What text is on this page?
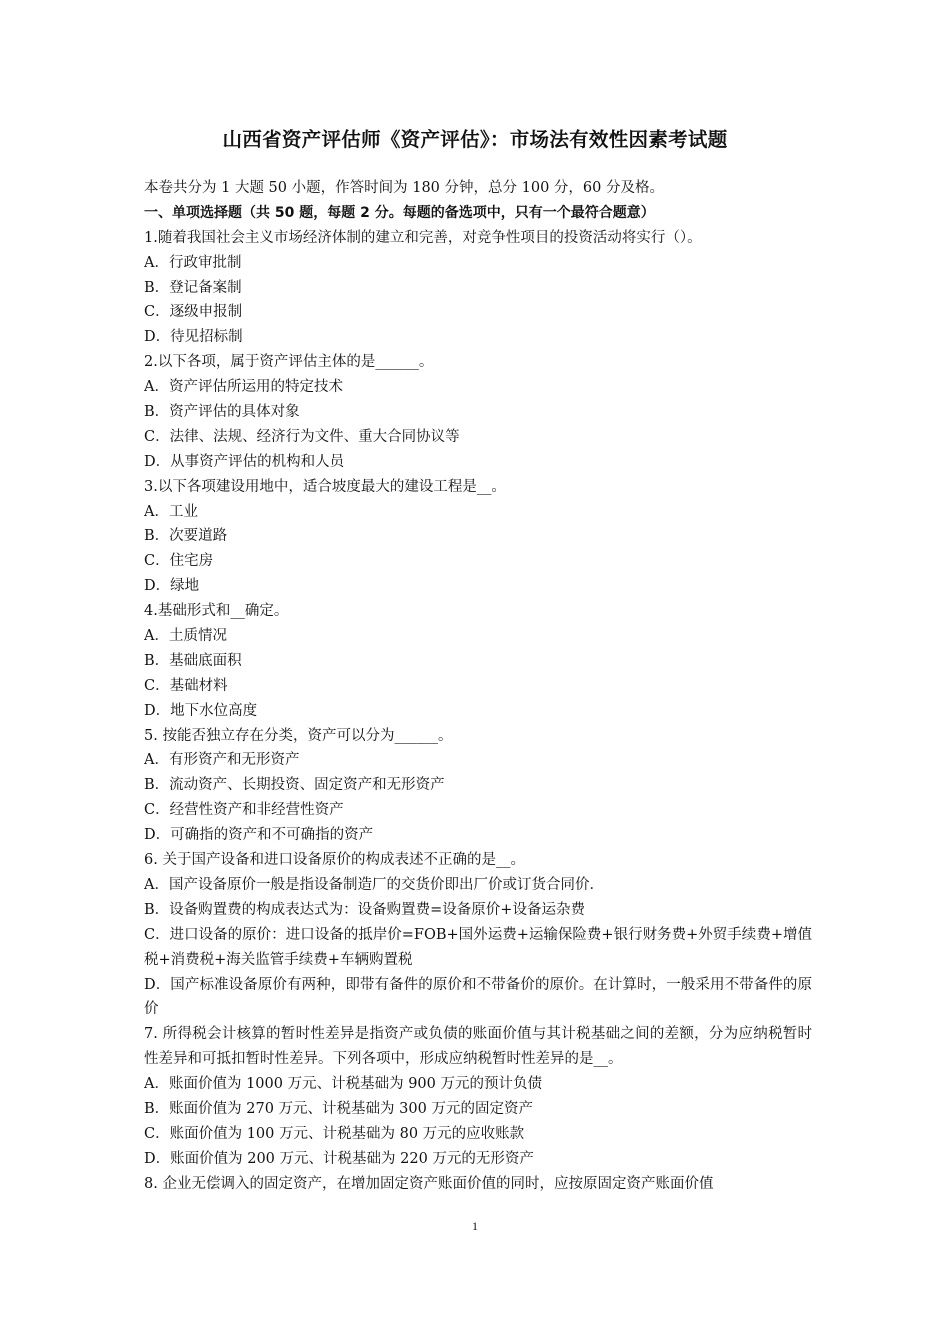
山西省资产评估师《资产评估》：市场法有效性因素考试题
本卷共分为 1 大题 50 小题，作答时间为 180 分钟，总分 100 分，60 分及格。
一、单项选择题（共 50 题，每题 2 分。每题的备选项中，只有一个最符合题意）
1.随着我国社会主义市场经济体制的建立和完善，对竞争性项目的投资活动将实行（）。
A．行政审批制
B．登记备案制
C．逐级申报制
D．待见招标制
2.以下各项，属于资产评估主体的是______。
A．资产评估所运用的特定技术
B．资产评估的具体对象
C．法律、法规、经济行为文件、重大合同协议等
D．从事资产评估的机构和人员
3.以下各项建设用地中，适合坡度最大的建设工程是__。
A．工业
B．次要道路
C．住宅房
D．绿地
4.基础形式和__确定。
A．土质情况
B．基础底面积
C．基础材料
D．地下水位高度
5. 按能否独立存在分类，资产可以分为______。
A．有形资产和无形资产
B．流动资产、长期投资、固定资产和无形资产
C．经营性资产和非经营性资产
D．可确指的资产和不可确指的资产
6. 关于国产设备和进口设备原价的构成表述不正确的是__。
A．国产设备原价一般是指设备制造厂的交货价即出厂价或订货合同价．
B．设备购置费的构成表达式为：设备购置费=设备原价+设备运杂费
C．进口设备的原价：进口设备的抵岸价=FOB+国外运费+运输保险费+银行财务费+外贸手续费+增值税+消费税+海关监管手续费+车辆购置税
D．国产标准设备原价有两种，即带有备件的原价和不带备价的原价。在计算时，一般采用不带备件的原价
7. 所得税会计核算的暂时性差异是指资产或负债的账面价值与其计税基础之间的差额，分为应纳税暂时性差异和可抵扣暂时性差异。下列各项中，形成应纳税暂时性差异的是__。
A．账面价值为 1000 万元、计税基础为 900 万元的预计负债
B．账面价值为 270 万元、计税基础为 300 万元的固定资产
C．账面价值为 100 万元、计税基础为 80 万元的应收账款
D．账面价值为 200 万元、计税基础为 220 万元的无形资产
8. 企业无偿调入的固定资产，在增加固定资产账面价值的同时，应按原固定资产账面价值
1
